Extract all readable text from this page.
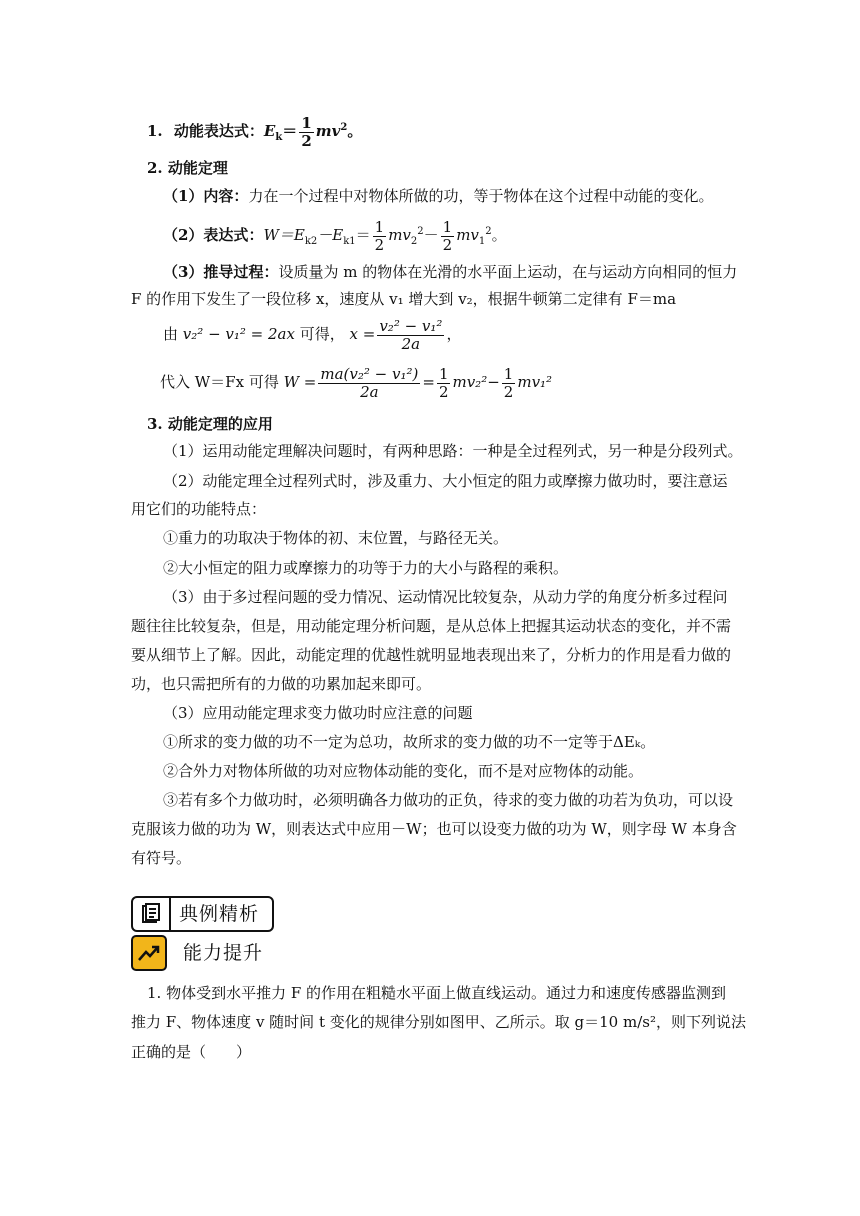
1. 动能表达式：$E_k= \frac{1}{2} mv^2$。
2. 动能定理
（1）内容：力在一个过程中对物体所做的功，等于物体在这个过程中动能的变化。
（2）表达式：$W=E_{k2}-E_{k1}= \frac{1}{2} mv_2^2- \frac{1}{2} mv_1^2$。
（3）推导过程：设质量为 m 的物体在光滑的水平面上运动，在与运动方向相同的恒力
F 的作用下发生了一段位移 x，速度从 v₁ 增大到 v₂，根据牛顿第二定律有 F＝ma
由 v₂² − v₁² = 2ax 可得， $x = \frac{\text{v₂² − v₁²}}{2a}$ ，
代入 W＝Fx 可得 $W = \frac{\text{ma(v₂² − v₁²)}}{2a} = \frac{1}{2} mv_2^2- \frac{1}{2} mv_1^2$
3. 动能定理的应用
（1）运用动能定理解决问题时，有两种思路：一种是全过程列式，另一种是分段列式。
（2）动能定理全过程列式时，涉及重力、大小恒定的阻力或摩擦力做功时，要注意运
用它们的功能特点：
①重力的功取决于物体的初、末位置，与路径无关。
②大小恒定的阻力或摩擦力的功等于力的大小与路程的乘积。
（3）由于多过程问题的受力情况、运动情况比较复杂，从动力学的角度分析多过程问
题往往比较复杂，但是，用动能定理分析问题，是从总体上把握其运动状态的变化，并不需
要从细节上了解。因此，动能定理的优越性就明显地表现出来了，分析力的作用是看力做的
功，也只需把所有的力做的功累加起来即可。
（3）应用动能定理求变力做功时应注意的问题
①所求的变力做的功不一定为总功，故所求的变力做的功不一定等于ΔEₖ。
②合外力对物体所做的功对应物体动能的变化，而不是对应物体的动能。
③若有多个力做功时，必须明确各力做功的正负，待求的变力做的功若为负功，可以设
克服该力做的功为 W，则表达式中应用－W；也可以设变力做的功为 W，则字母 W 本身含
有符号。
典例精析
能力提升
1. 物体受到水平推力 F 的作用在粗糙水平面上做直线运动。通过力和速度传感器监测到
推力 F、物体速度 v 随时间 t 变化的规律分别如图甲、乙所示。取 g＝10 m/s²，则下列说法
正确的是（　　）
